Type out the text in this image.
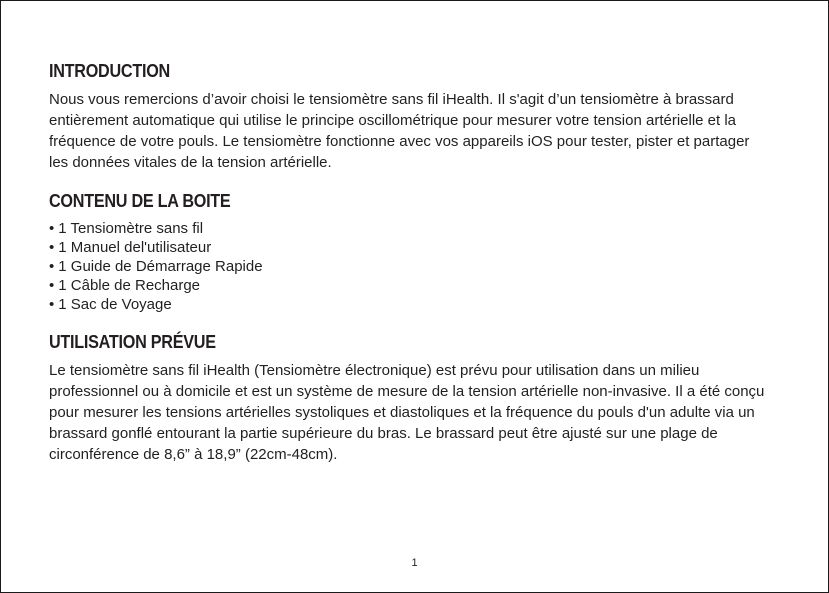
INTRODUCTION

Nous vous remercions d’avoir choisi le tensiomètre sans fil iHealth. Il s'agit d’un tensiomètre à brassard entièrement automatique qui utilise le principe oscillométrique pour mesurer votre tension artérielle et la fréquence de votre pouls. Le tensiomètre fonctionne avec vos appareils iOS pour tester, pister et partager les données vitales de la tension artérielle.

CONTENU DE LA BOITE
• 1 Tensiomètre sans fil
• 1 Manuel del'utilisateur
• 1 Guide de Démarrage Rapide
• 1 Câble de Recharge
• 1 Sac de Voyage
UTILISATION PRÉVUE

Le tensiomètre sans fil iHealth (Tensiomètre électronique) est prévu pour utilisation dans un milieu professionnel ou à domicile et est un système de mesure de la tension artérielle non-invasive. Il a été conçu pour mesurer les tensions artérielles systoliques et diastoliques et la fréquence du pouls d'un adulte via un brassard gonflé entourant la partie supérieure du bras. Le brassard peut être ajusté sur une plage de circonférence de 8,6” à 18,9” (22cm-48cm).

1
